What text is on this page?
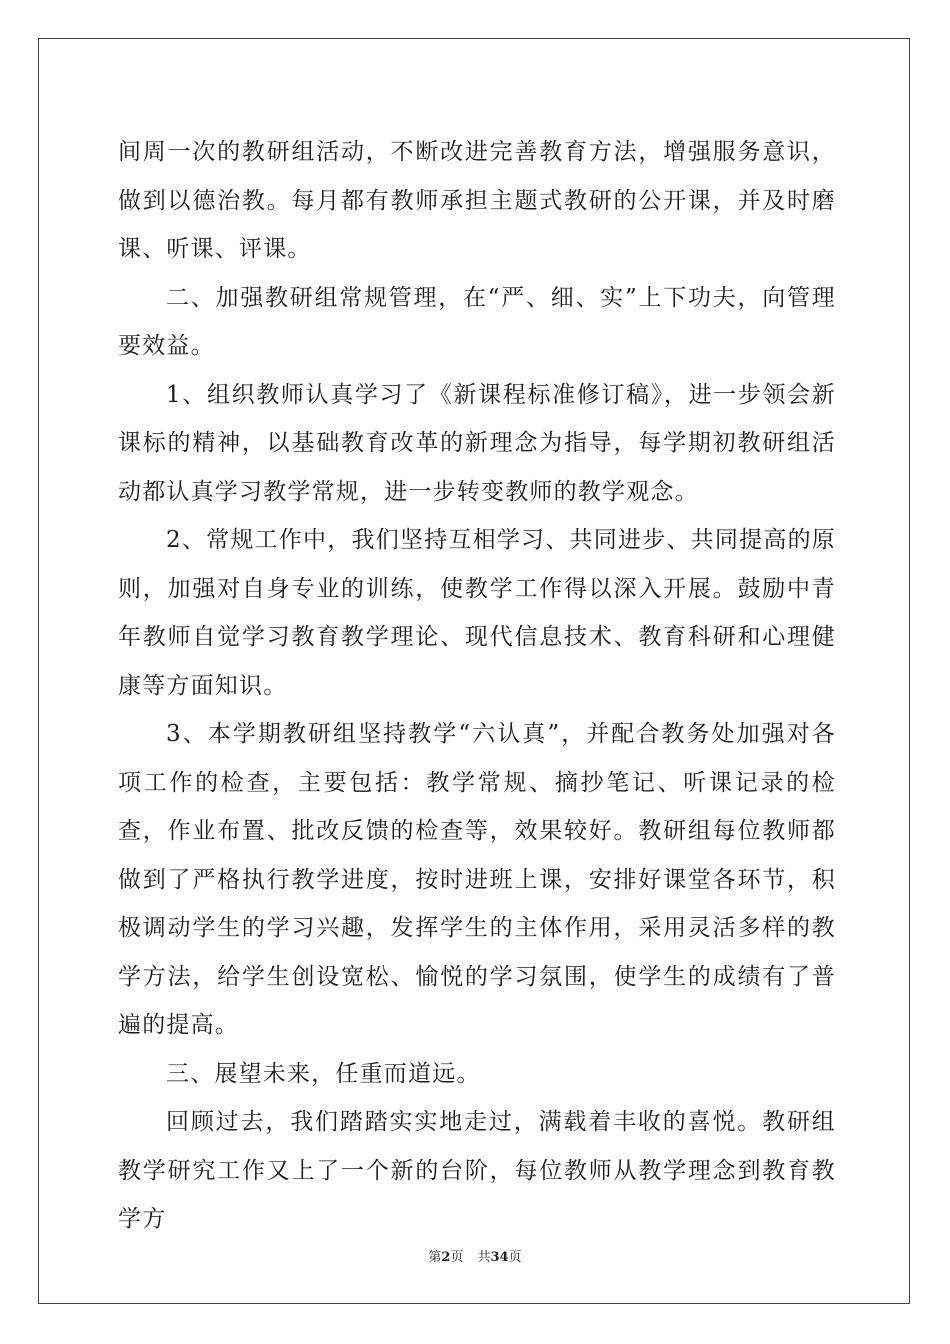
间周一次的教研组活动，不断改进完善教育方法，增强服务意识，做到以德治教。每月都有教师承担主题式教研的公开课，并及时磨课、听课、评课。

二、加强教研组常规管理，在“严、细、实”上下功夫，向管理要效益。

1、组织教师认真学习了《新课程标准修订稿》，进一步领会新课标的精神，以基础教育改革的新理念为指导，每学期初教研组活动都认真学习教学常规，进一步转变教师的教学观念。

2、常规工作中，我们坚持互相学习、共同进步、共同提高的原则，加强对自身专业的训练，使教学工作得以深入开展。鼓励中青年教师自觉学习教育教学理论、现代信息技术、教育科研和心理健康等方面知识。

3、本学期教研组坚持教学“六认真”，并配合教务处加强对各项工作的检查，主要包括：教学常规、摘抄笔记、听课记录的检查，作业布置、批改反馈的检查等，效果较好。教研组每位教师都做到了严格执行教学进度，按时进班上课，安排好课堂各环节，积极调动学生的学习兴趣，发挥学生的主体作用，采用灵活多样的教学方法，给学生创设宽松、愉悦的学习氛围，使学生的成绩有了普遍的提高。

三、展望未来，任重而道远。

回顾过去，我们踏踏实实地走过，满载着丰收的喜悦。教研组教学研究工作又上了一个新的台阶，每位教师从教学理念到教育教学方

第2页 共34页
